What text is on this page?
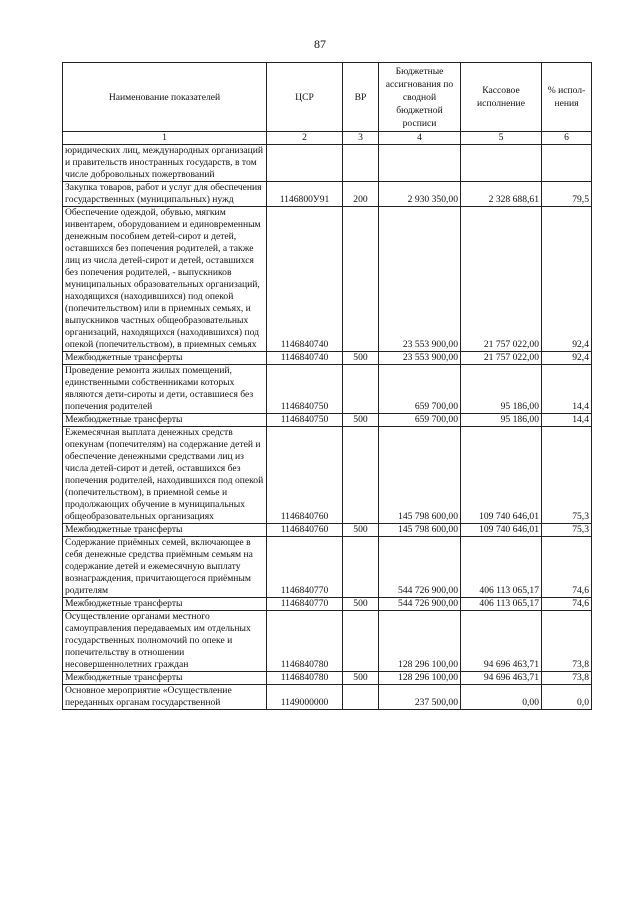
87
Наименование показателей	ЦСР	ВР	Бюджетные ассигнования по сводной бюджетной росписи	Кассовое исполнение	% испол-нения
1	2	3	4	5	6
юридических лиц, международных организаций и правительств иностранных государств, в том числе добровольных пожертвований					
Закупка товаров, работ и услуг для обеспечения государственных (муниципальных) нужд	1146800У91	200	2 930 350,00	2 328 688,61	79,5
Обеспечение одеждой, обувью, мягким инвентарем, оборудованием и единовременным денежным пособием детей-сирот и детей, оставшихся без попечения родителей, а также лиц из числа детей-сирот и детей, оставшихся без попечения родителей, - выпускников муниципальных образовательных организаций, находящихся (находившихся) под опекой (попечительством) или в приемных семьях, и выпускников частных общеобразовательных организаций, находящихся (находившихся) под опекой (попечительством), в приемных семьях	1146840740		23 553 900,00	21 757 022,00	92,4
Межбюджетные трансферты	1146840740	500	23 553 900,00	21 757 022,00	92,4
Проведение ремонта жилых помещений, единственными собственниками которых являются дети-сироты и дети, оставшиеся без попечения родителей	1146840750		659 700,00	95 186,00	14,4
Межбюджетные трансферты	1146840750	500	659 700,00	95 186,00	14,4
Ежемесячная выплата денежных средств опекунам (попечителям) на содержание детей и обеспечение денежными средствами лиц из числа детей-сирот и детей, оставшихся без попечения родителей, находившихся под опекой (попечительством), в приемной семье и продолжающих обучение в муниципальных общеобразовательных организациях	1146840760		145 798 600,00	109 740 646,01	75,3
Межбюджетные трансферты	1146840760	500	145 798 600,00	109 740 646,01	75,3
Содержание приёмных семей, включающее в себя денежные средства приёмным семьям на содержание детей и ежемесячную выплату вознаграждения, причитающегося приёмным родителям	1146840770		544 726 900,00	406 113 065,17	74,6
Межбюджетные трансферты	1146840770	500	544 726 900,00	406 113 065,17	74,6
Осуществление органами местного самоуправления передаваемых им отдельных государственных полномочий по опеке и попечительству в отношении несовершеннолетних граждан	1146840780		128 296 100,00	94 696 463,71	73,8
Межбюджетные трансферты	1146840780	500	128 296 100,00	94 696 463,71	73,8
Основное мероприятие «Осуществление переданных органам государственной	1149000000		237 500,00	0,00	0,0
